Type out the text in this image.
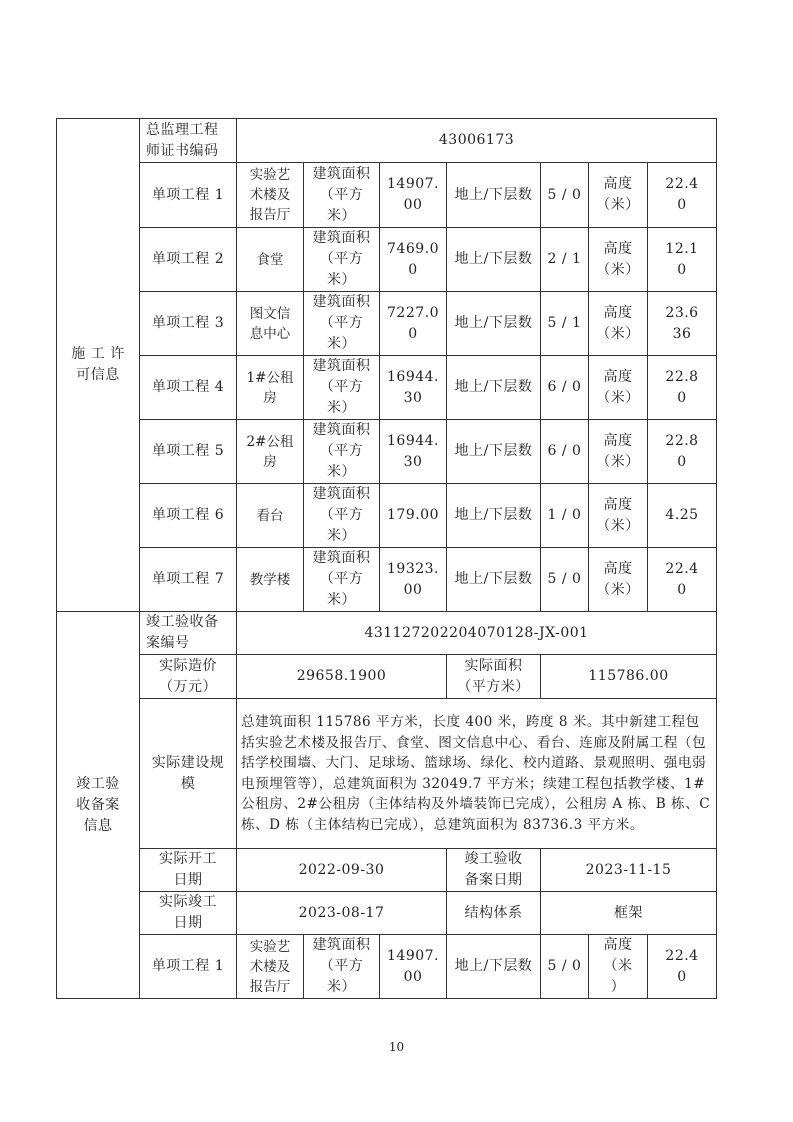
施 工 许
可信息	总监理工程
师证书编码	43006173						
	单项工程 1	实验艺
术楼及
报告厅	建筑面积
（平方
米）	14907.
00	地上/下层数	5 / 0	高度
（米）	22.4
0
	单项工程 2	食堂	建筑面积
（平方
米）	7469.0
0	地上/下层数	2 / 1	高度
（米）	12.1
0
	单项工程 3	图文信
息中心	建筑面积
（平方
米）	7227.0
0	地上/下层数	5 / 1	高度
（米）	23.6
36
	单项工程 4	1#公租
房	建筑面积
（平方
米）	16944.
30	地上/下层数	6 / 0	高度
（米）	22.8
0
	单项工程 5	2#公租
房	建筑面积
（平方
米）	16944.
30	地上/下层数	6 / 0	高度
（米）	22.8
0
	单项工程 6	看台	建筑面积
（平方
米）	179.00	地上/下层数	1 / 0	高度
（米）	4.25
	单项工程 7	教学楼	建筑面积
（平方
米）	19323.
00	地上/下层数	5 / 0	高度
（米）	22.4
0
竣工验
收备案
信息	竣工验收备
案编号	431127202204070128-JX-001						
	实际造价
（万元）	29658.1900			实际面积
（平方米）	115786.00		
	实际建设规
模	总建筑面积 115786 平方米，长度 400 米，跨度 8 米。其中新建工程包括实验艺术楼及报告厅、食堂、图文信息中心、看台、连廊及附属工程（包括学校围墙、大门、足球场、篮球场、绿化、校内道路、景观照明、强电弱电预埋管等），总建筑面积为 32049.7 平方米；续建工程包括教学楼、1#公租房、2#公租房（主体结构及外墙装饰已完成），公租房 A 栋、B 栋、C 栋、D 栋（主体结构已完成），总建筑面积为 83736.3 平方米。						
	实际开工
日期	2022-09-30			竣工验收
备案日期	2023-11-15		
	实际竣工
日期	2023-08-17			结构体系	框架		
	单项工程 1	实验艺
术楼及
报告厅	建筑面积
（平方
米）	14907.
00	地上/下层数	5 / 0	高度
（米
）	22.4
0
10
